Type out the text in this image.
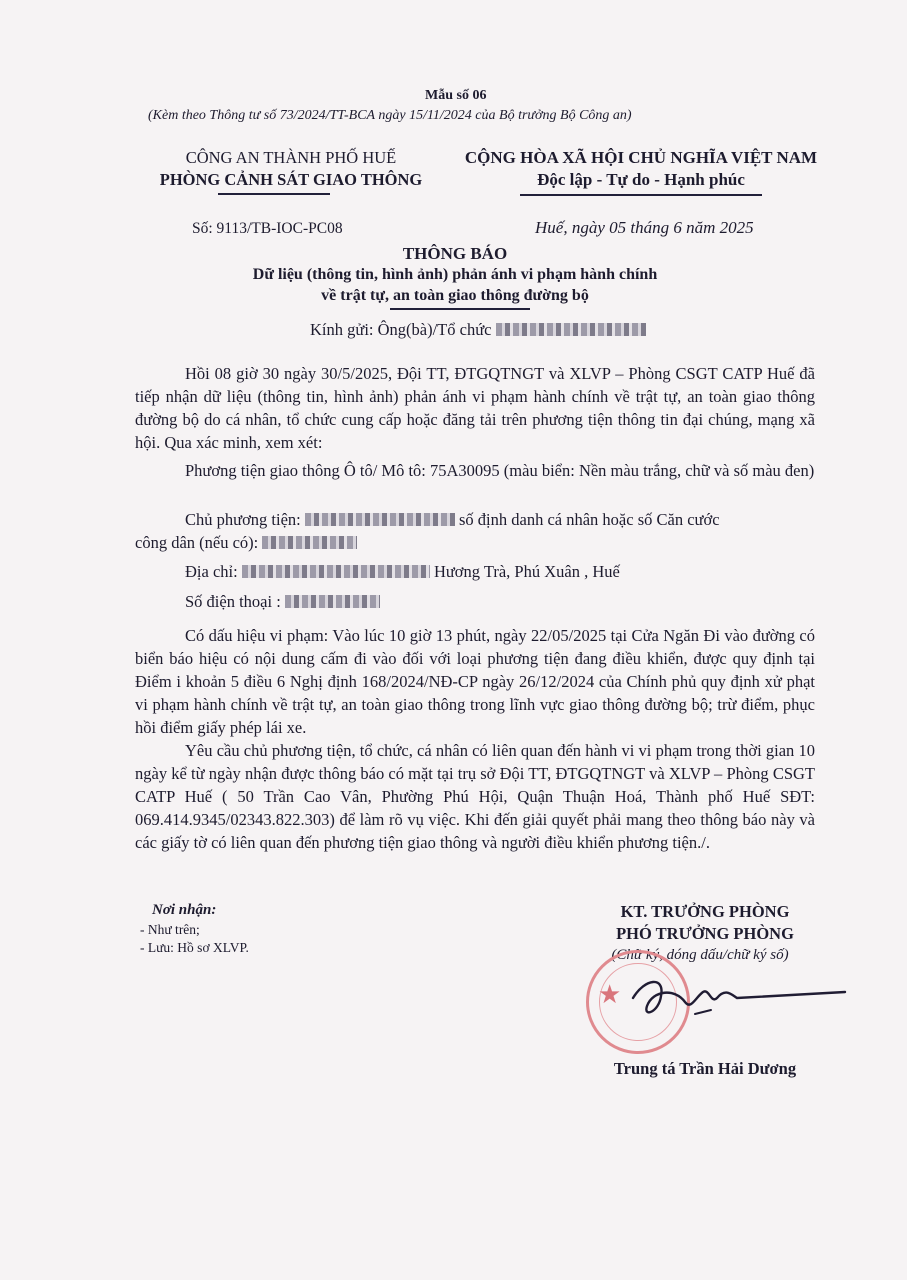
Mẫu số 06
(Kèm theo Thông tư số 73/2024/TT-BCA ngày 15/11/2024 của Bộ trưởng Bộ Công an)
CÔNG AN THÀNH PHỐ HUẾ
PHÒNG CẢNH SÁT GIAO THÔNG
CỘNG HÒA XÃ HỘI CHỦ NGHĨA VIỆT NAM
Độc lập - Tự do - Hạnh phúc
Số: 9113/TB-IOC-PC08	Huế, ngày 05 tháng 6 năm 2025
THÔNG BÁO
Dữ liệu (thông tin, hình ảnh) phản ánh vi phạm hành chính
về trật tự, an toàn giao thông đường bộ
Kính gửi: Ông(bà)/Tổ chức
Hồi 08 giờ 30 ngày 30/5/2025, Đội TT, ĐTGQTNGT và XLVP – Phòng CSGT CATP Huế đã tiếp nhận dữ liệu (thông tin, hình ảnh) phản ánh vi phạm hành chính về trật tự, an toàn giao thông đường bộ do cá nhân, tổ chức cung cấp hoặc đăng tải trên phương tiện thông tin đại chúng, mạng xã hội. Qua xác minh, xem xét:
Phương tiện giao thông Ô tô/ Mô tô: 75A30095 (màu biển: Nền màu trắng, chữ và số màu đen)
Chủ phương tiện:	số định danh cá nhân hoặc số Căn cước
công dân (nếu có):
Địa chỉ:	Hương Trà, Phú Xuân , Huế
Số điện thoại :
Có dấu hiệu vi phạm: Vào lúc 10 giờ 13 phút, ngày 22/05/2025 tại Cửa Ngăn Đi vào đường có biển báo hiệu có nội dung cấm đi vào đối với loại phương tiện đang điều khiển, được quy định tại Điểm i khoản 5 điều 6 Nghị định 168/2024/NĐ-CP ngày 26/12/2024 của Chính phủ quy định xử phạt vi phạm hành chính về trật tự, an toàn giao thông trong lĩnh vực giao thông đường bộ; trừ điểm, phục hồi điểm giấy phép lái xe.
Yêu cầu chủ phương tiện, tổ chức, cá nhân có liên quan đến hành vi vi phạm trong thời gian 10 ngày kể từ ngày nhận được thông báo có mặt tại trụ sở Đội TT, ĐTGQTNGT và XLVP – Phòng CSGT CATP Huế ( 50 Trần Cao Vân, Phường Phú Hội, Quận Thuận Hoá, Thành phố Huế SĐT: 069.414.9345/02343.822.303) để làm rõ vụ việc. Khi đến giải quyết phải mang theo thông báo này và các giấy tờ có liên quan đến phương tiện giao thông và người điều khiển phương tiện./.
Nơi nhận:
- Như trên;
- Lưu: Hồ sơ XLVP.
KT. TRƯỞNG PHÒNG
PHÓ TRƯỞNG PHÒNG
(Chữ ký, dóng dấu/chữ ký số)
★
Trung tá Trần Hải Dương
